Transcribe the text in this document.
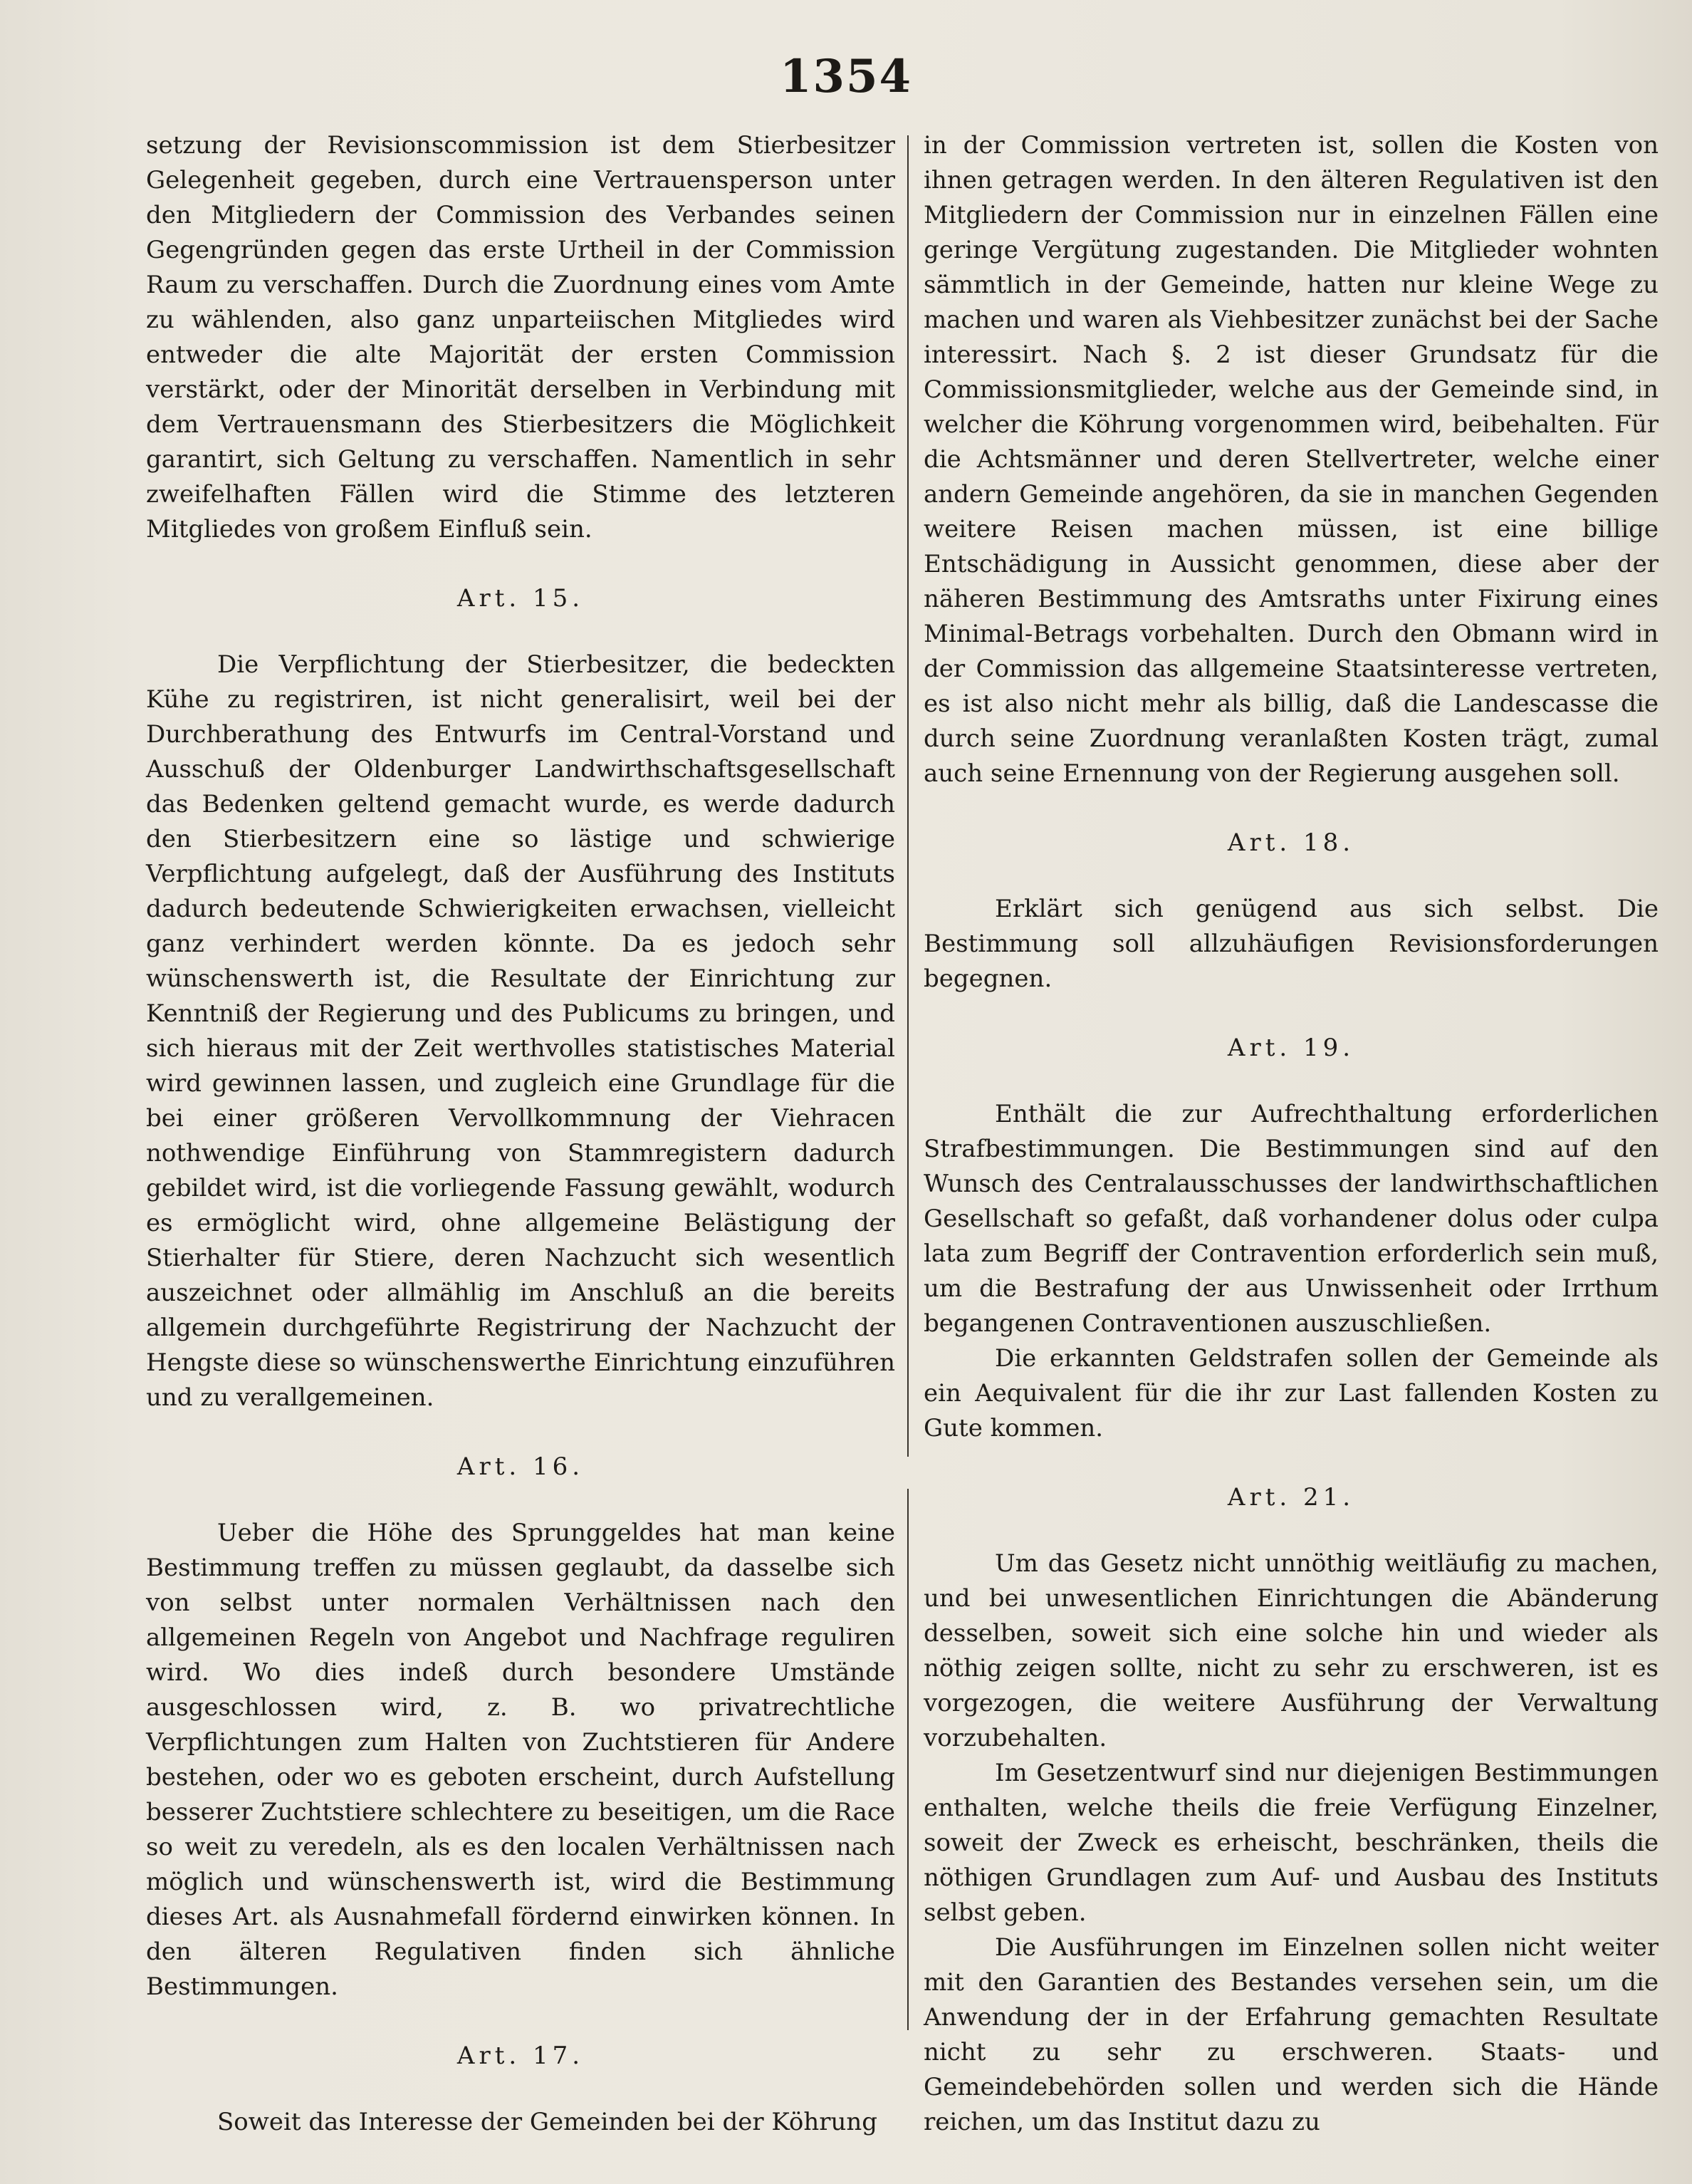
1354

setzung der Revisionscommission ist dem Stierbesitzer Gelegenheit gegeben, durch eine Vertrauensperson unter den Mitgliedern der Commission des Verbandes seinen Gegengründen gegen das erste Urtheil in der Commission Raum zu verschaffen. Durch die Zuordnung eines vom Amte zu wählenden, also ganz unparteiischen Mitgliedes wird entweder die alte Majorität der ersten Commission verstärkt, oder der Minorität derselben in Verbindung mit dem Vertrauensmann des Stierbesitzers die Möglichkeit garantirt, sich Geltung zu verschaffen. Namentlich in sehr zweifelhaften Fällen wird die Stimme des letzteren Mitgliedes von großem Einfluß sein.

Art. 15.

Die Verpflichtung der Stierbesitzer, die bedeckten Kühe zu registriren, ist nicht generalisirt, weil bei der Durchberathung des Entwurfs im Central-Vorstand und Ausschuß der Oldenburger Landwirthschaftsgesellschaft das Bedenken geltend gemacht wurde, es werde dadurch den Stierbesitzern eine so lästige und schwierige Verpflichtung aufgelegt, daß der Ausführung des Instituts dadurch bedeutende Schwierigkeiten erwachsen, vielleicht ganz verhindert werden könnte. Da es jedoch sehr wünschenswerth ist, die Resultate der Einrichtung zur Kenntniß der Regierung und des Publicums zu bringen, und sich hieraus mit der Zeit werthvolles statistisches Material wird gewinnen lassen, und zugleich eine Grundlage für die bei einer größeren Vervollkommnung der Viehracen nothwendige Einführung von Stammregistern dadurch gebildet wird, ist die vorliegende Fassung gewählt, wodurch es ermöglicht wird, ohne allgemeine Belästigung der Stierhalter für Stiere, deren Nachzucht sich wesentlich auszeichnet oder allmählig im Anschluß an die bereits allgemein durchgeführte Registrirung der Nachzucht der Hengste diese so wünschenswerthe Einrichtung einzuführen und zu verallgemeinen.

Art. 16.

Ueber die Höhe des Sprunggeldes hat man keine Bestimmung treffen zu müssen geglaubt, da dasselbe sich von selbst unter normalen Verhältnissen nach den allgemeinen Regeln von Angebot und Nachfrage reguliren wird. Wo dies indeß durch besondere Umstände ausgeschlossen wird, z. B. wo privatrechtliche Verpflichtungen zum Halten von Zuchtstieren für Andere bestehen, oder wo es geboten erscheint, durch Aufstellung besserer Zuchtstiere schlechtere zu beseitigen, um die Race so weit zu veredeln, als es den localen Verhältnissen nach möglich und wünschenswerth ist, wird die Bestimmung dieses Art. als Ausnahmefall fördernd einwirken können. In den älteren Regulativen finden sich ähnliche Bestimmungen.

Art. 17.

Soweit das Interesse der Gemeinden bei der Köhrung

in der Commission vertreten ist, sollen die Kosten von ihnen getragen werden. In den älteren Regulativen ist den Mitgliedern der Commission nur in einzelnen Fällen eine geringe Vergütung zugestanden. Die Mitglieder wohnten sämmtlich in der Gemeinde, hatten nur kleine Wege zu machen und waren als Viehbesitzer zunächst bei der Sache interessirt. Nach §. 2 ist dieser Grundsatz für die Commissionsmitglieder, welche aus der Gemeinde sind, in welcher die Köhrung vorgenommen wird, beibehalten. Für die Achtsmänner und deren Stellvertreter, welche einer andern Gemeinde angehören, da sie in manchen Gegenden weitere Reisen machen müssen, ist eine billige Entschädigung in Aussicht genommen, diese aber der näheren Bestimmung des Amtsraths unter Fixirung eines Minimal-Betrags vorbehalten. Durch den Obmann wird in der Commission das allgemeine Staatsinteresse vertreten, es ist also nicht mehr als billig, daß die Landescasse die durch seine Zuordnung veranlaßten Kosten trägt, zumal auch seine Ernennung von der Regierung ausgehen soll.

Art. 18.

Erklärt sich genügend aus sich selbst. Die Bestimmung soll allzuhäufigen Revisionsforderungen begegnen.

Art. 19.

Enthält die zur Aufrechthaltung erforderlichen Strafbestimmungen. Die Bestimmungen sind auf den Wunsch des Centralausschusses der landwirthschaftlichen Gesellschaft so gefaßt, daß vorhandener dolus oder culpa lata zum Begriff der Contravention erforderlich sein muß, um die Bestrafung der aus Unwissenheit oder Irrthum begangenen Contraventionen auszuschließen.

Die erkannten Geldstrafen sollen der Gemeinde als ein Aequivalent für die ihr zur Last fallenden Kosten zu Gute kommen.

Art. 21.

Um das Gesetz nicht unnöthig weitläufig zu machen, und bei unwesentlichen Einrichtungen die Abänderung desselben, soweit sich eine solche hin und wieder als nöthig zeigen sollte, nicht zu sehr zu erschweren, ist es vorgezogen, die weitere Ausführung der Verwaltung vorzubehalten.

Im Gesetzentwurf sind nur diejenigen Bestimmungen enthalten, welche theils die freie Verfügung Einzelner, soweit der Zweck es erheischt, beschränken, theils die nöthigen Grundlagen zum Auf- und Ausbau des Instituts selbst geben.

Die Ausführungen im Einzelnen sollen nicht weiter mit den Garantien des Bestandes versehen sein, um die Anwendung der in der Erfahrung gemachten Resultate nicht zu sehr zu erschweren. Staats- und Gemeindebehörden sollen und werden sich die Hände reichen, um das Institut dazu zu
